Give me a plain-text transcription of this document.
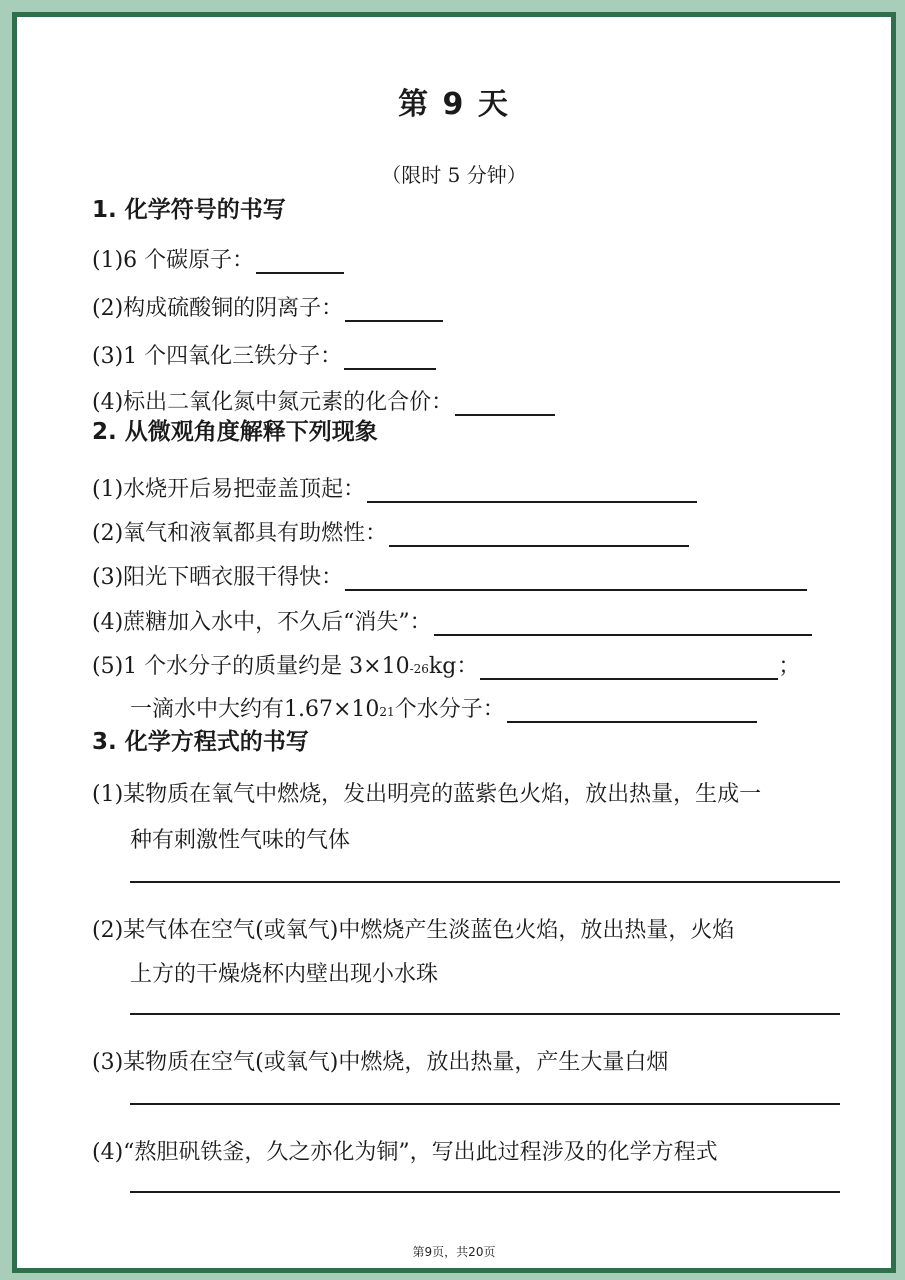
第 9 天
（限时 5 分钟）
1. 化学符号的书写
(1)6 个碳原子：
(2)构成硫酸铜的阴离子：
(3)1 个四氧化三铁分子：
(4)标出二氧化氮中氮元素的化合价：
2. 从微观角度解释下列现象
(1)水烧开后易把壶盖顶起：
(2)氧气和液氧都具有助燃性：
(3)阳光下晒衣服干得快：
(4)蔗糖加入水中，不久后“消失”：
(5)1 个水分子的质量约是 3×10 -26 kg：	；
一滴水中大约有1.67×10 21 个水分子：
3. 化学方程式的书写
(1)某物质在氧气中燃烧，发出明亮的蓝紫色火焰，放出热量，生成一
种有刺激性气味的气体
(2)某气体在空气(或氧气)中燃烧产生淡蓝色火焰，放出热量，火焰
上方的干燥烧杯内壁出现小水珠
(3)某物质在空气(或氧气)中燃烧，放出热量，产生大量白烟
(4)“熬胆矾铁釜，久之亦化为铜”，写出此过程涉及的化学方程式
第9页，共20页
